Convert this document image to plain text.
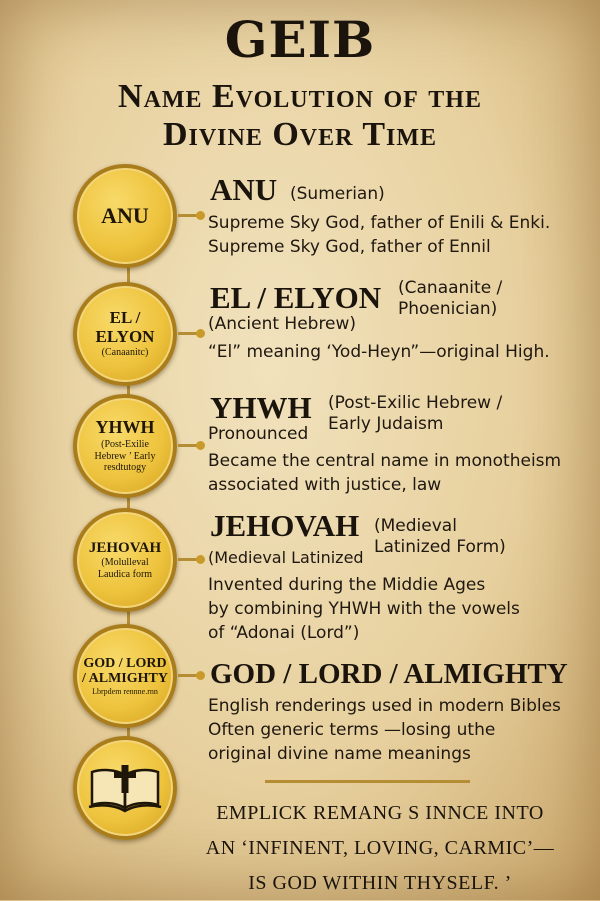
GEIB
Name Evolution of the
Divine Over Time
ANU
ANU (Sumerian)
Supreme Sky God, father of Enili & Enki.
Supreme Sky God, father of Ennil
EL / ELYON
(Canaanitc)
EL / ELYON (Canaanite /
Phoenician)
(Ancient Hebrew)
“El” meaning ‘Yod-Heyn”—original High.
YHWH
(Post-Exilie Hebrew ’ Early resdtutogy
YHWH (Post-Exilic Hebrew /
Early Judaism
Pronounced
Became the central name in monotheism
associated with justice, law
JEHOVAH
(Molulleval Laudica form
JEHOVAH (Medieval
Latinized Form)
(Medieval Latinized
Invented during the Middie Ages
by combining YHWH with the vowels
of “Adonai (Lord”)
GOD / LORD / ALMIGHTY
Lbrpdem rennne.rnn
GOD / LORD / ALMIGHTY
English renderings used in modern Bibles
Often generic terms —losing uthe
original divine name meanings
EMPLICK REMANG S INNCE INTO
AN ‘INFINENT, LOVING, CARMIC’—
IS GOD WITHIN THYSELF. ’
